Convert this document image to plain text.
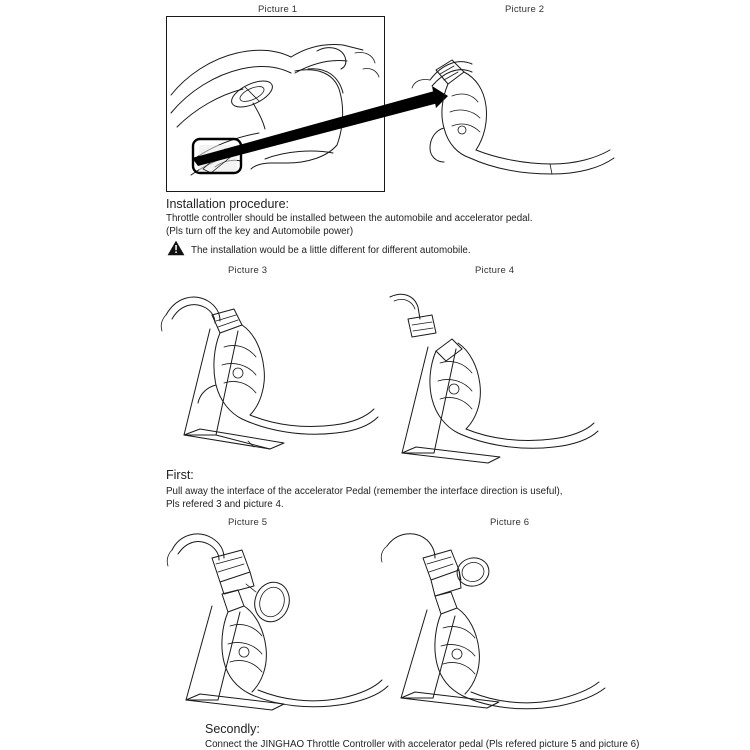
Picture 1	Picture 2
Installation procedure:
Throttle controller should be installed between the automobile and accelerator pedal.
(Pls turn off the key and Automobile power)
The installation would be a little different for different automobile.
Picture 3	Picture 4
First:
Pull away the interface of the accelerator Pedal (remember the interface direction is useful),
Pls refered 3 and picture 4.
Picture 5	Picture 6
Secondly:
Connect the JINGHAO Throttle Controller with accelerator pedal (Pls refered picture 5 and picture 6)
